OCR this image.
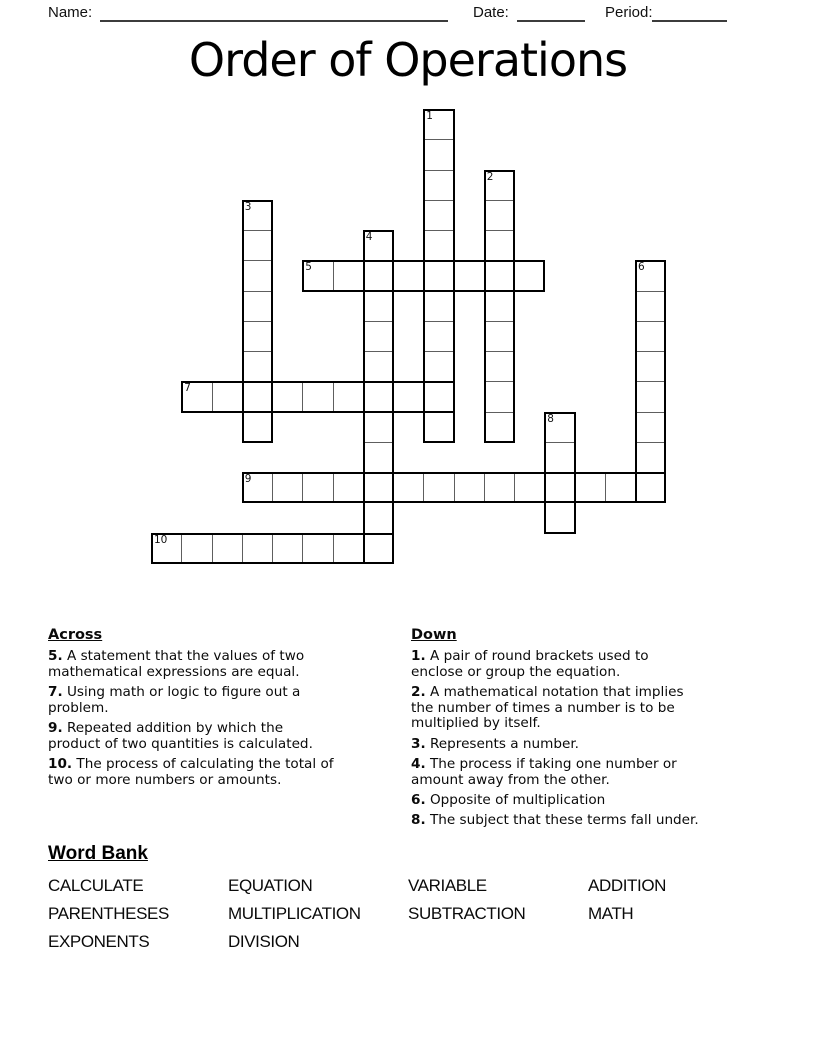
Name:	Date:	Period:
Order of Operations
1
2
3
4
5	6
7
8
9
10
Across
5. A statement that the values of two
mathematical expressions are equal.
7. Using math or logic to figure out a
problem.
9. Repeated addition by which the
product of two quantities is calculated.
10. The process of calculating the total of
two or more numbers or amounts.
Down
1. A pair of round brackets used to
enclose or group the equation.
2. A mathematical notation that implies
the number of times a number is to be
multiplied by itself.
3. Represents a number.
4. The process if taking one number or
amount away from the other.
6. Opposite of multiplication
8. The subject that these terms fall under.
Word Bank
CALCULATE	EQUATION	VARIABLE	ADDITION
PARENTHESES	MULTIPLICATION	SUBTRACTION	MATH
EXPONENTS	DIVISION
